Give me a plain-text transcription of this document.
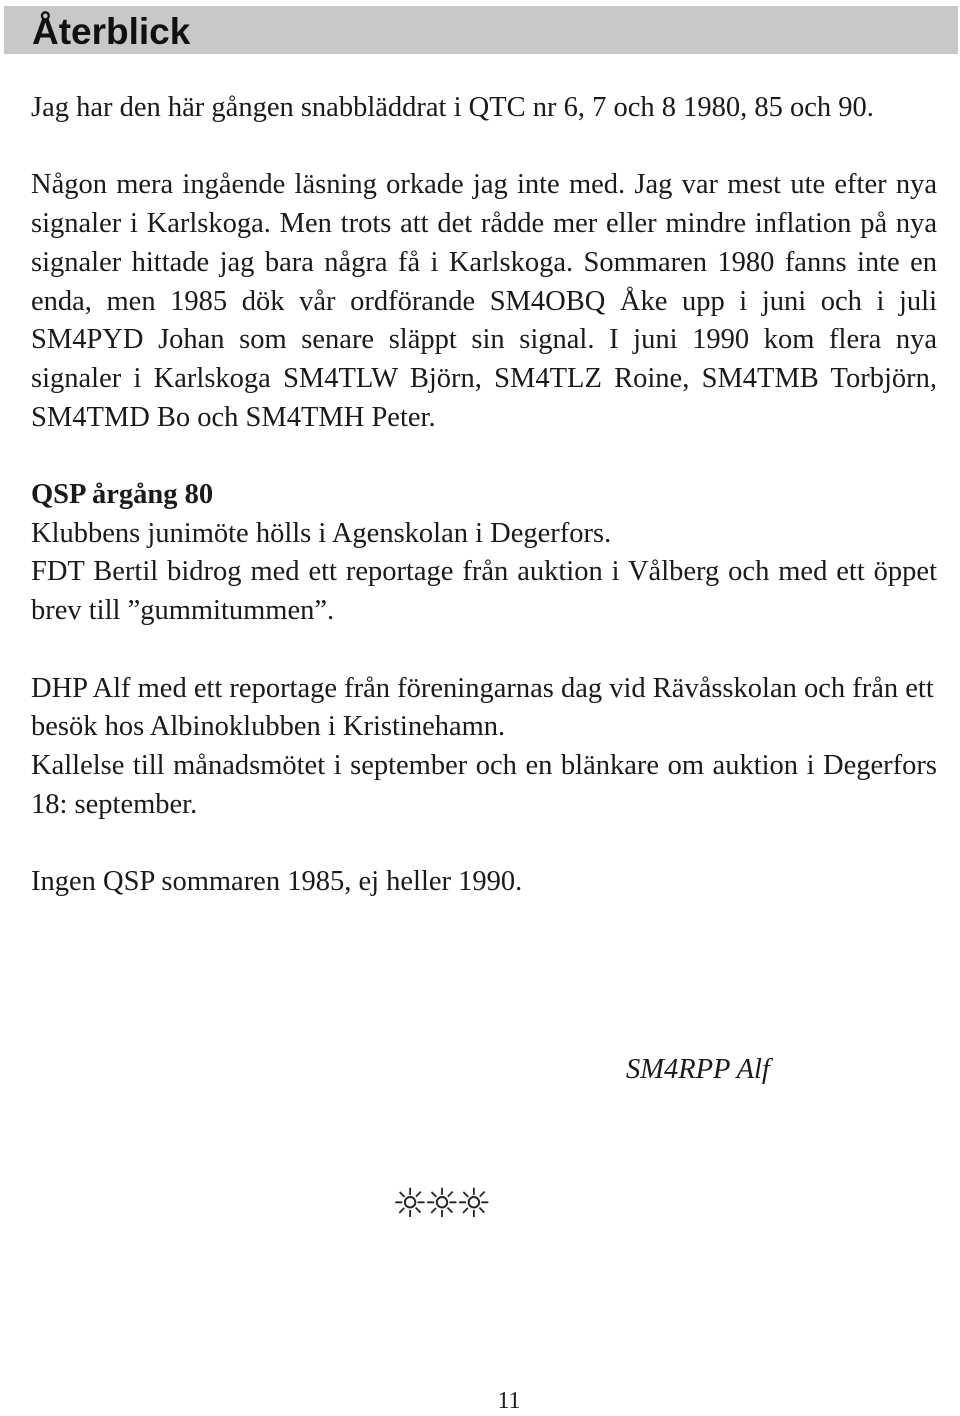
Återblick

Jag har den här gången snabbläddrat i QTC nr 6, 7 och 8 1980, 85 och 90.

Någon mera ingående läsning orkade jag inte med. Jag var mest ute efter nya signaler i Karlskoga. Men trots att det rådde mer eller mindre inflation på nya signaler hittade jag bara några få i Karlskoga. Sommaren 1980 fanns inte en enda, men 1985 dök vår ordförande SM4OBQ Åke upp i juni och i juli SM4PYD Johan som senare släppt sin signal. I juni 1990 kom flera nya signaler i Karlskoga SM4TLW Björn, SM4TLZ Roine, SM4TMB Torbjörn, SM4TMD Bo och SM4TMH Peter.

QSP årgång 80

Klubbens junimöte hölls i Agenskolan i Degerfors.

FDT Bertil bidrog med ett reportage från auktion i Vålberg och med ett öppet brev till ”gummitummen”.

DHP Alf med ett reportage från föreningarnas dag vid Rävåsskolan och från ett besök hos Albinoklubben i Kristinehamn.

Kallelse till månadsmötet i september och en blänkare om auktion i Degerfors 18: september.

Ingen QSP sommaren 1985, ej heller 1990.

SM4RPP Alf
☼☼☼
11
